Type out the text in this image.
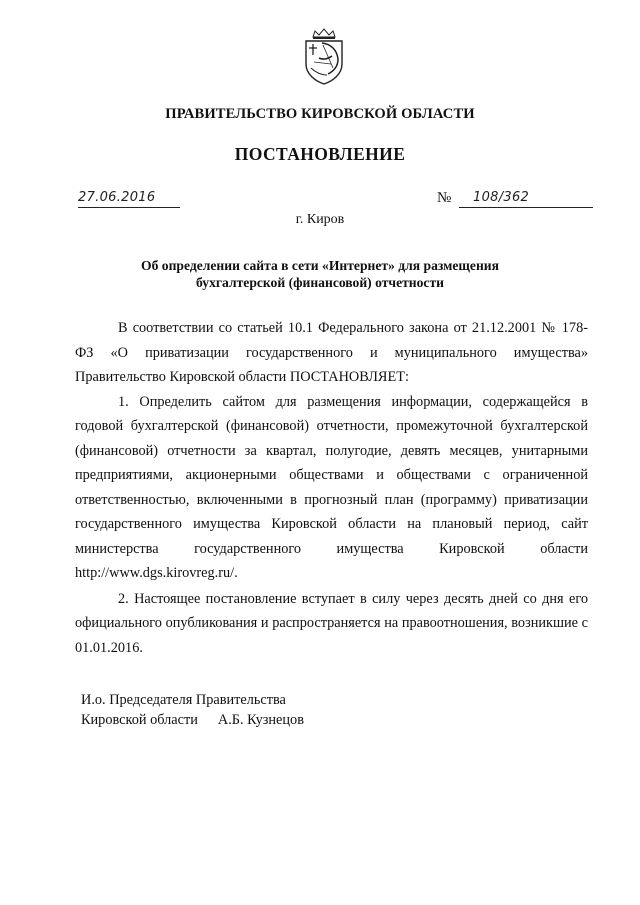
ПРАВИТЕЛЬСТВО КИРОВСКОЙ ОБЛАСТИ
ПОСТАНОВЛЕНИЕ
27.06.2016	№ 108/362
г. Киров
Об определении сайта в сети «Интернет» для размещения
бухгалтерской (финансовой) отчетности

В соответствии со статьей 10.1 Федерального закона от 21.12.2001 № 178-ФЗ «О приватизации государственного и муниципального имущества» Правительство Кировской области ПОСТАНОВЛЯЕТ:

1. Определить сайтом для размещения информации, содержащейся в годовой бухгалтерской (финансовой) отчетности, промежуточной бухгалтерской (финансовой) отчетности за квартал, полугодие, девять месяцев, унитарными предприятиями, акционерными обществами и обществами с ограниченной ответственностью, включенными в прогнозный план (программу) приватизации государственного имущества Кировской области на плановый период, сайт министерства государственного имущества Кировской области http://www.dgs.kirovreg.ru/.

2. Настоящее постановление вступает в силу через десять дней со дня его официального опубликования и распространяется на правоотношения, возникшие с 01.01.2016.

И.о. Председателя Правительства
Кировской области А.Б. Кузнецов
